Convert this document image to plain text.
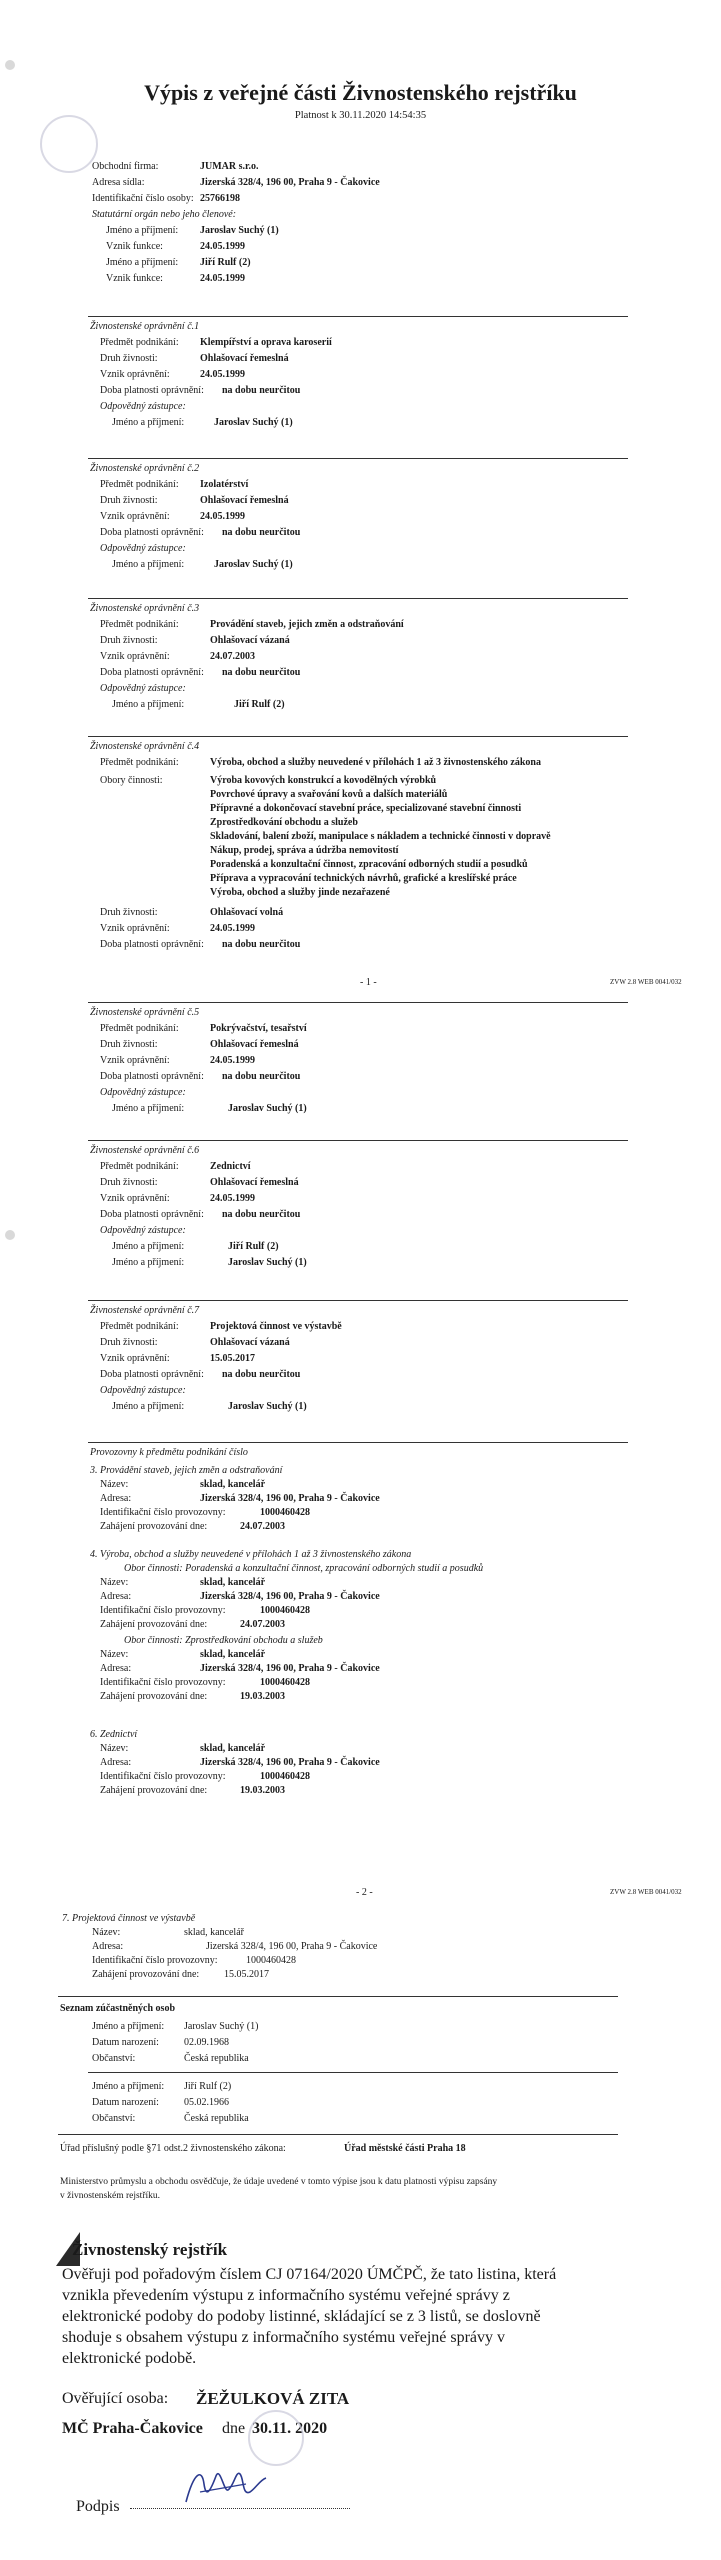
Výpis z veřejné části Živnostenského rejstříku
Platnost k 30.11.2020 14:54:35
Obchodní firma:	JUMAR s.r.o.
Adresa sídla:	Jizerská 328/4, 196 00, Praha 9 - Čakovice
Identifikační číslo osoby: 25766198
Statutární orgán nebo jeho členové:
Jméno a příjmení: Jaroslav Suchý (1)
Vznik funkce:	24.05.1999
Jméno a příjmení: Jiří Rulf (2)
Vznik funkce:	24.05.1999
Živnostenské oprávnění č.1
Předmět podnikání: Klempířství a oprava karoserií
Druh živnosti:	Ohlašovací řemeslná
Vznik oprávnění:	24.05.1999
Doba platnosti oprávnění: na dobu neurčitou
Odpovědný zástupce:
Jméno a příjmení:	Jaroslav Suchý (1)
Živnostenské oprávnění č.2
Předmět podnikání: Izolatérství
Druh živnosti:	Ohlašovací řemeslná
Vznik oprávnění:	24.05.1999
Doba platnosti oprávnění: na dobu neurčitou
Odpovědný zástupce:
Jméno a příjmení:	Jaroslav Suchý (1)
Živnostenské oprávnění č.3
Předmět podnikání:	Provádění staveb, jejich změn a odstraňování
Druh živnosti:	Ohlašovací vázaná
Vznik oprávnění:	24.07.2003
Doba platnosti oprávnění: na dobu neurčitou
Odpovědný zástupce:
Jméno a příjmení:	Jiří Rulf (2)
Živnostenské oprávnění č.4
Předmět podnikání:	Výroba, obchod a služby neuvedené v přílohách 1 až 3 živnostenského zákona
Obory činnosti:	Výroba kovových konstrukcí a kovodělných výrobků
Povrchové úpravy a svařování kovů a dalších materiálů
Přípravné a dokončovací stavební práce, specializované stavební činnosti
Zprostředkování obchodu a služeb
Skladování, balení zboží, manipulace s nákladem a technické činnosti v dopravě
Nákup, prodej, správa a údržba nemovitostí
Poradenská a konzultační činnost, zpracování odborných studií a posudků
Příprava a vypracování technických návrhů, grafické a kreslířské práce
Výroba, obchod a služby jinde nezařazené
Druh živnosti:	Ohlašovací volná
Vznik oprávnění:	24.05.1999
Doba platnosti oprávnění: na dobu neurčitou
- 1 -	ZVW 2.8 WEB 0041/032
Živnostenské oprávnění č.5
Předmět podnikání:	Pokrývačství, tesařství
Druh živnosti:	Ohlašovací řemeslná
Vznik oprávnění:	24.05.1999
Doba platnosti oprávnění: na dobu neurčitou
Odpovědný zástupce:
Jméno a příjmení:	Jaroslav Suchý (1)
Živnostenské oprávnění č.6
Předmět podnikání:	Zednictví
Druh živnosti:	Ohlašovací řemeslná
Vznik oprávnění:	24.05.1999
Doba platnosti oprávnění: na dobu neurčitou
Odpovědný zástupce:
Jméno a příjmení:	Jiří Rulf (2)
Jméno a příjmení:	Jaroslav Suchý (1)
Živnostenské oprávnění č.7
Předmět podnikání:	Projektová činnost ve výstavbě
Druh živnosti:	Ohlašovací vázaná
Vznik oprávnění:	15.05.2017
Doba platnosti oprávnění: na dobu neurčitou
Odpovědný zástupce:
Jméno a příjmení:	Jaroslav Suchý (1)
Provozovny k předmětu podnikání číslo
3. Provádění staveb, jejich změn a odstraňování
Název:	sklad, kancelář
Adresa:	Jizerská 328/4, 196 00, Praha 9 - Čakovice
Identifikační číslo provozovny:	1000460428
Zahájení provozování dne:	24.07.2003
4. Výroba, obchod a služby neuvedené v přílohách 1 až 3 živnostenského zákona
Obor činnosti: Poradenská a konzultační činnost, zpracování odborných studií a posudků
Název:	sklad, kancelář
Adresa:	Jizerská 328/4, 196 00, Praha 9 - Čakovice
Identifikační číslo provozovny:	1000460428
Zahájení provozování dne:	24.07.2003
Obor činnosti: Zprostředkování obchodu a služeb
Název:	sklad, kancelář
Adresa:	Jizerská 328/4, 196 00, Praha 9 - Čakovice
Identifikační číslo provozovny:	1000460428
Zahájení provozování dne:	19.03.2003
6. Zednictví
Název:	sklad, kancelář
Adresa:	Jizerská 328/4, 196 00, Praha 9 - Čakovice
Identifikační číslo provozovny:	1000460428
Zahájení provozování dne:	19.03.2003
- 2 -	ZVW 2.8 WEB 0041/032
7. Projektová činnost ve výstavbě
Název:	sklad, kancelář
Adresa:	Jizerská 328/4, 196 00, Praha 9 - Čakovice
Identifikační číslo provozovny:	1000460428
Zahájení provozování dne: 15.05.2017
Seznam zúčastněných osob
Jméno a příjmení: Jaroslav Suchý (1)
Datum narození:	02.09.1968
Občanství:	Česká republika
Jméno a příjmení: Jiří Rulf (2)
Datum narození:	05.02.1966
Občanství:	Česká republika
Úřad příslušný podle §71 odst.2 živnostenského zákona:	Úřad městské části Praha 18
Ministerstvo průmyslu a obchodu osvědčuje, že údaje uvedené v tomto výpise jsou k datu platnosti výpisu zapsány
v živnostenském rejstříku.
Živnostenský rejstřík
Ověřuji pod pořadovým číslem CJ 07164/2020 ÚMČPČ, že tato listina, která
vznikla převedením výstupu z informačního systému veřejné správy z
elektronické podoby do podoby listinné, skládající se z 3 listů, se doslovně
shoduje s obsahem výstupu z informačního systému veřejné správy v
elektronické podobě.
Ověřující osoba: ŽEŽULKOVÁ ZITA
MČ Praha-Čakovice dne 30.11. 2020
Podpis
